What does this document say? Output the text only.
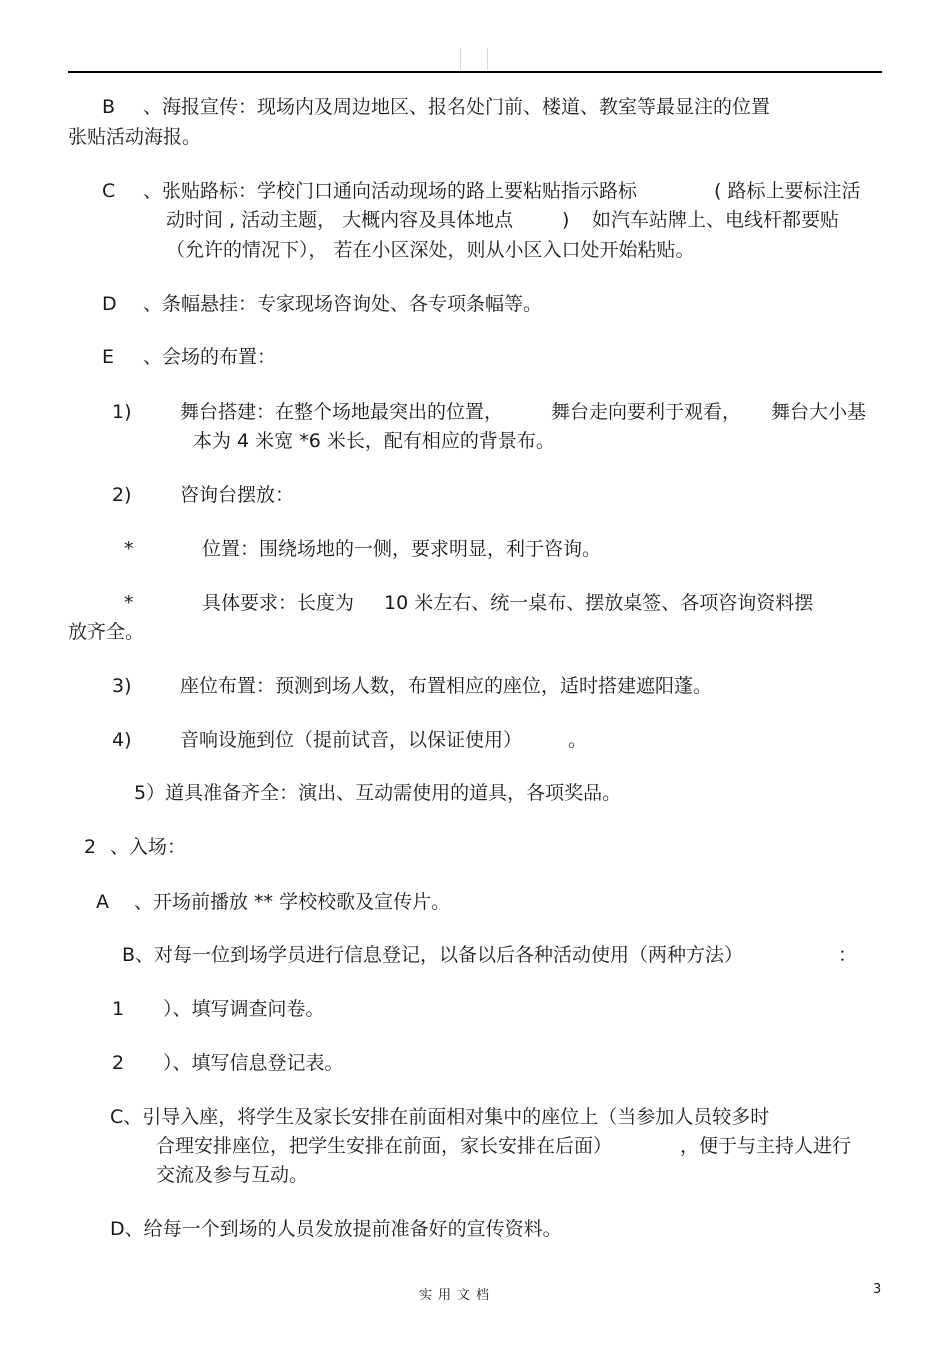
B 、海报宣传：现场内及周边地区、报名处门前、楼道、教室等最显注的位置
张贴活动海报。
C 、张贴路标：学校门口通向活动现场的路上要粘贴指示路标	( 路标上要标注活
动时间 , 活动主题， 大概内容及具体地点	) 如汽车站牌上、电线杆都要贴
（允许的情况下）， 若在小区深处，则从小区入口处开始粘贴。
D 、条幅悬挂：专家现场咨询处、各专项条幅等。
E 、会场的布置：
1)	舞台搭建：在整个场地最突出的位置，	舞台走向要利于观看， 舞台大小基
本为 4 米宽 *6 米长，配有相应的背景布。
2)	咨询台摆放：
*	位置：围绕场地的一侧，要求明显，利于咨询。
*	具体要求：长度为 10 米左右、统一桌布、摆放桌签、各项咨询资料摆
放齐全。
3)	座位布置：预测到场人数，布置相应的座位，适时搭建遮阳蓬。
4)	音响设施到位（提前试音，以保证使用） 。
5）道具准备齐全：演出、互动需使用的道具，各项奖品。
2 、入场：
A 、开场前播放 ** 学校校歌及宣传片。
B、对每一位到场学员进行信息登记，以备以后各种活动使用（两种方法）	：
1 ）、填写调查问卷。
2 ）、填写信息登记表。
C、引导入座，将学生及家长安排在前面相对集中的座位上（当参加人员较多时
合理安排座位，把学生安排在前面，家长安排在后面）	，便于与主持人进行
交流及参与互动。
D、给每一个到场的人员发放提前准备好的宣传资料。
实用文档	3
